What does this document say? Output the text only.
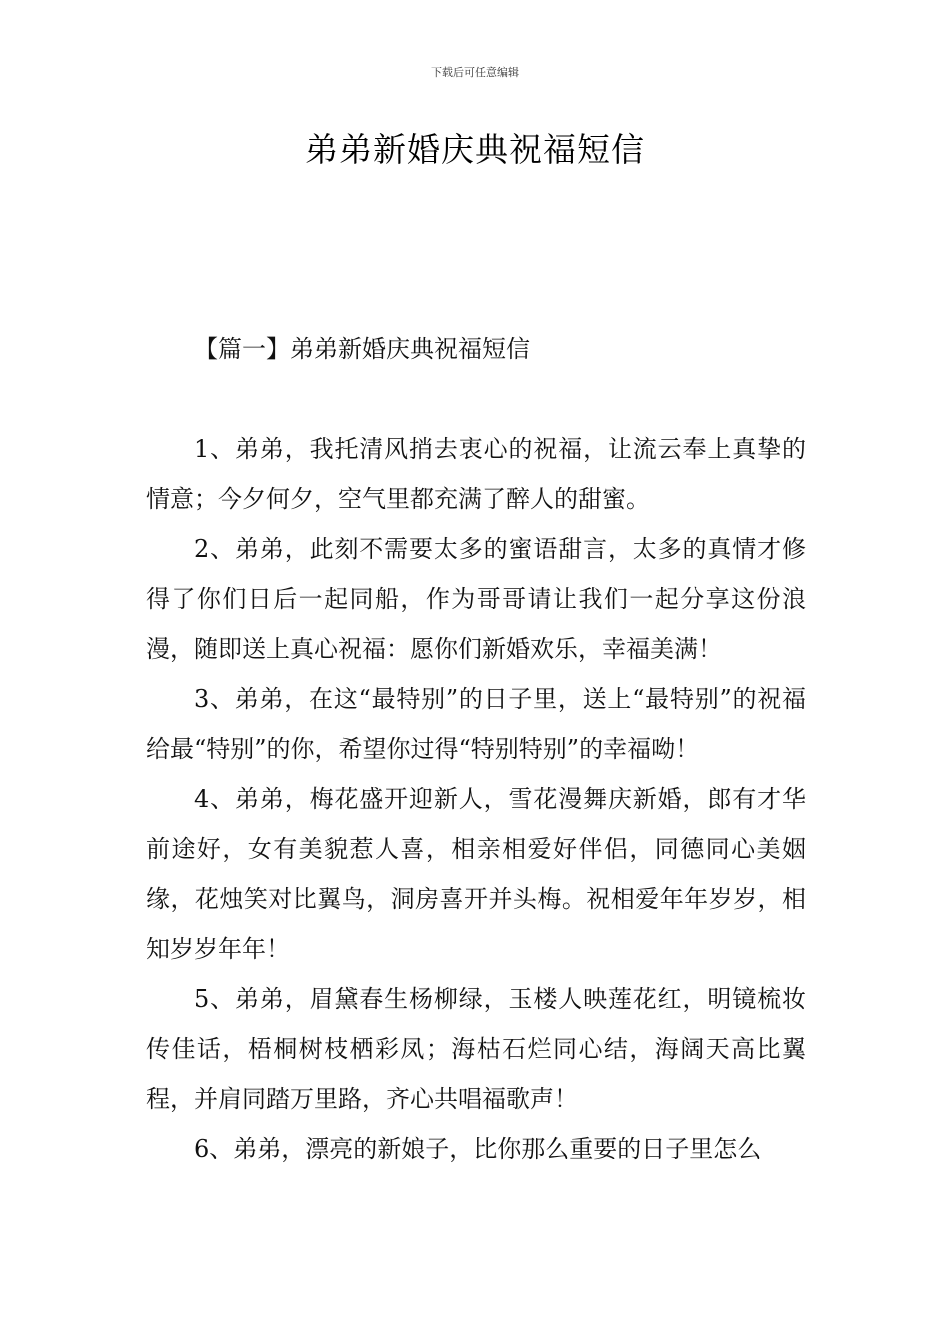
下载后可任意编辑
弟弟新婚庆典祝福短信
【篇一】弟弟新婚庆典祝福短信

1、弟弟，我托清风捎去衷心的祝福，让流云奉上真挚的情意；今夕何夕，空气里都充满了醉人的甜蜜。

2、弟弟，此刻不需要太多的蜜语甜言，太多的真情才修得了你们日后一起同船，作为哥哥请让我们一起分享这份浪漫，随即送上真心祝福：愿你们新婚欢乐，幸福美满！

3、弟弟，在这“最特别”的日子里，送上“最特别”的祝福给最“特别”的你，希望你过得“特别特别”的幸福呦！

4、弟弟，梅花盛开迎新人，雪花漫舞庆新婚，郎有才华前途好，女有美貌惹人喜，相亲相爱好伴侣，同德同心美姻缘，花烛笑对比翼鸟，洞房喜开并头梅。祝相爱年年岁岁，相知岁岁年年！

5、弟弟，眉黛春生杨柳绿，玉楼人映莲花红，明镜梳妆传佳话，梧桐树枝栖彩凤；海枯石烂同心结，海阔天高比翼程，并肩同踏万里路，齐心共唱福歌声！

6、弟弟，漂亮的新娘子，比你那么重要的日子里怎么
